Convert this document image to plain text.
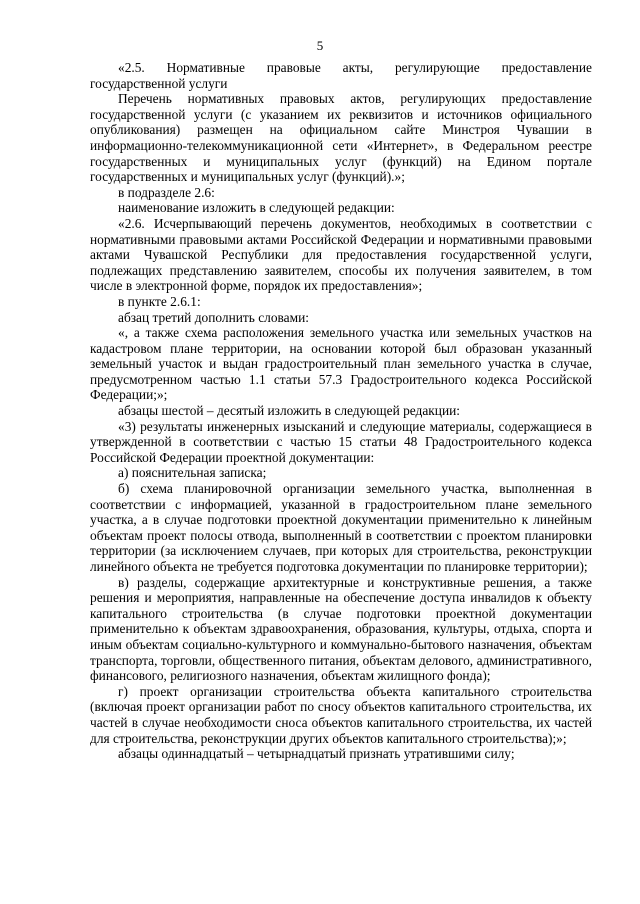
5

«2.5. Нормативные правовые акты, регулирующие предоставление государственной услуги

Перечень нормативных правовых актов, регулирующих предоставление государственной услуги (с указанием их реквизитов и источников официального опубликования) размещен на официальном сайте Минстроя Чувашии в информационно-телекоммуникационной сети «Интернет», в Федеральном реестре государственных и муниципальных услуг (функций) на Едином портале государственных и муниципальных услуг (функций).»;

в подразделе 2.6:

наименование изложить в следующей редакции:

«2.6. Исчерпывающий перечень документов, необходимых в соответствии с нормативными правовыми актами Российской Федерации и нормативными правовыми актами Чувашской Республики для предоставления государственной услуги, подлежащих представлению заявителем, способы их получения заявителем, в том числе в электронной форме, порядок их предоставления»;

в пункте 2.6.1:

абзац третий дополнить словами:

«, а также схема расположения земельного участка или земельных участков на кадастровом плане территории, на основании которой был образован указанный земельный участок и выдан градостроительный план земельного участка в случае, предусмотренном частью 1.1 статьи 57.3 Градостроительного кодекса Российской Федерации;»;

абзацы шестой – десятый изложить в следующей редакции:

«3) результаты инженерных изысканий и следующие материалы, содержащиеся в утвержденной в соответствии с частью 15 статьи 48 Градостроительного кодекса Российской Федерации проектной документации:

а) пояснительная записка;

б) схема планировочной организации земельного участка, выполненная в соответствии с информацией, указанной в градостроительном плане земельного участка, а в случае подготовки проектной документации применительно к линейным объектам проект полосы отвода, выполненный в соответствии с проектом планировки территории (за исключением случаев, при которых для строительства, реконструкции линейного объекта не требуется подготовка документации по планировке территории);

в) разделы, содержащие архитектурные и конструктивные решения, а также решения и мероприятия, направленные на обеспечение доступа инвалидов к объекту капитального строительства (в случае подготовки проектной документации применительно к объектам здравоохранения, образования, культуры, отдыха, спорта и иным объектам социально-культурного и коммунально-бытового назначения, объектам транспорта, торговли, общественного питания, объектам делового, административного, финансового, религиозного назначения, объектам жилищного фонда);

г) проект организации строительства объекта капитального строительства (включая проект организации работ по сносу объектов капитального строительства, их частей в случае необходимости сноса объектов капитального строительства, их частей для строительства, реконструкции других объектов капитального строительства);»;

абзацы одиннадцатый – четырнадцатый признать утратившими силу;
